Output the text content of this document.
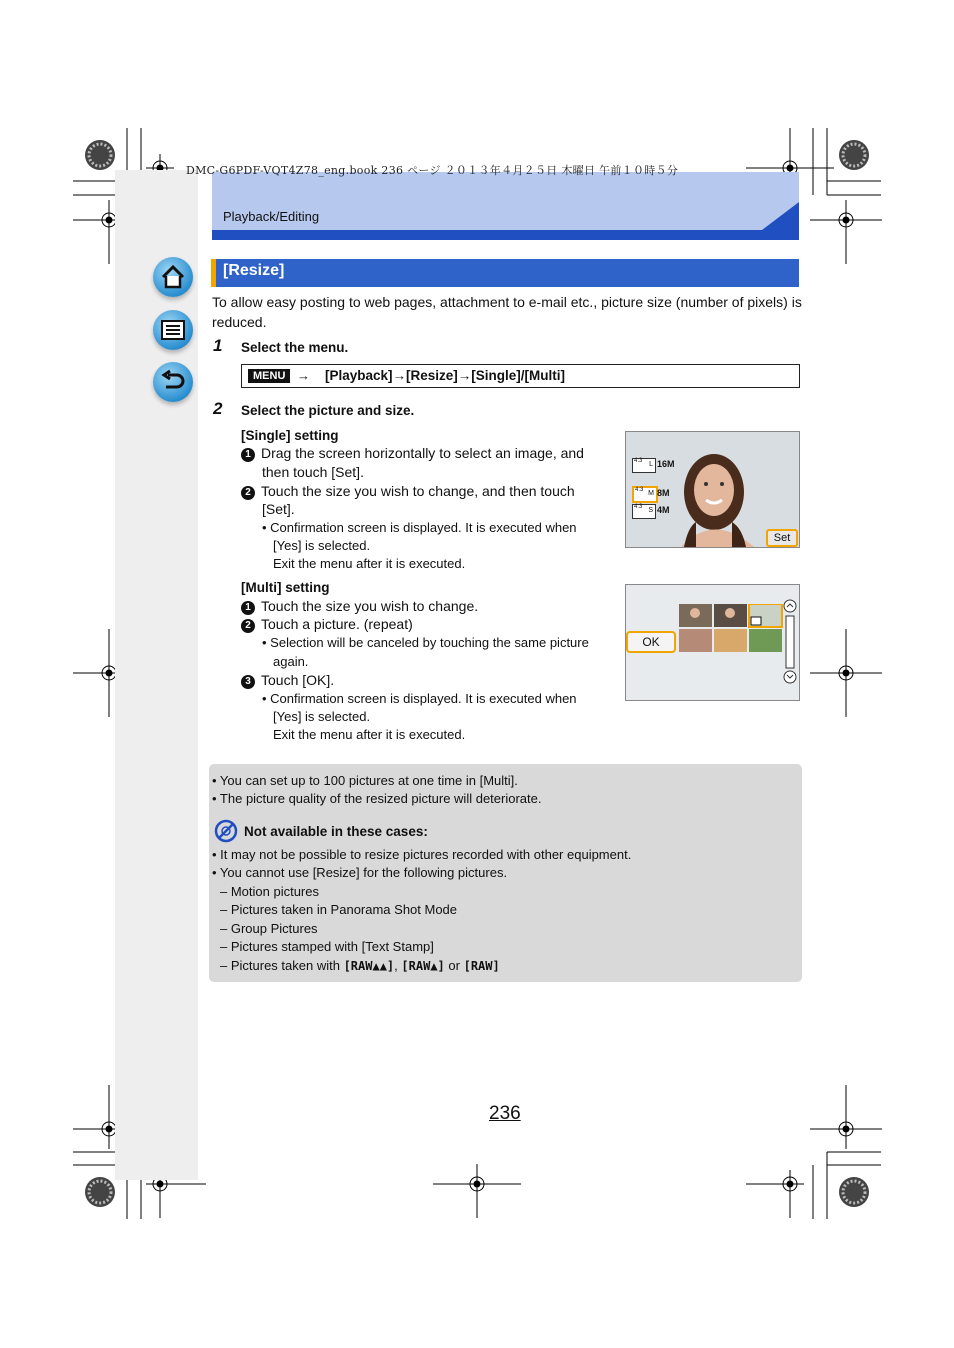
DMC-G6PDF-VQT4Z78_eng.book 236 ページ ２０１３年４月２５日 木曜日 午前１０時５分
Playback/Editing
[Resize]
To allow easy posting to web pages, attachment to e-mail etc., picture size (number of pixels) is reduced.
1 Select the menu.
MENU → [Playback]→[Resize]→[Single]/[Multi]
2 Select the picture and size.
[Single] setting
1 Drag the screen horizontally to select an image, and
then touch [Set].
2 Touch the size you wish to change, and then touch
[Set].
• Confirmation screen is displayed. It is executed when
[Yes] is selected.
Exit the menu after it is executed.
4:3 L 16M
4:3 M 8M
4:3 S 4M
Set
[Multi] setting
1 Touch the size you wish to change.
2 Touch a picture. (repeat)
• Selection will be canceled by touching the same picture
again.
3 Touch [OK].
• Confirmation screen is displayed. It is executed when
[Yes] is selected.
Exit the menu after it is executed.
OK
• You can set up to 100 pictures at one time in [Multi].
• The picture quality of the resized picture will deteriorate.
Not available in these cases:
• It may not be possible to resize pictures recorded with other equipment.
• You cannot use [Resize] for the following pictures.
– Motion pictures
– Pictures taken in Panorama Shot Mode
– Group Pictures
– Pictures stamped with [Text Stamp]
– Pictures taken with [RAW▲▲], [RAW▲] or [RAW]
236
